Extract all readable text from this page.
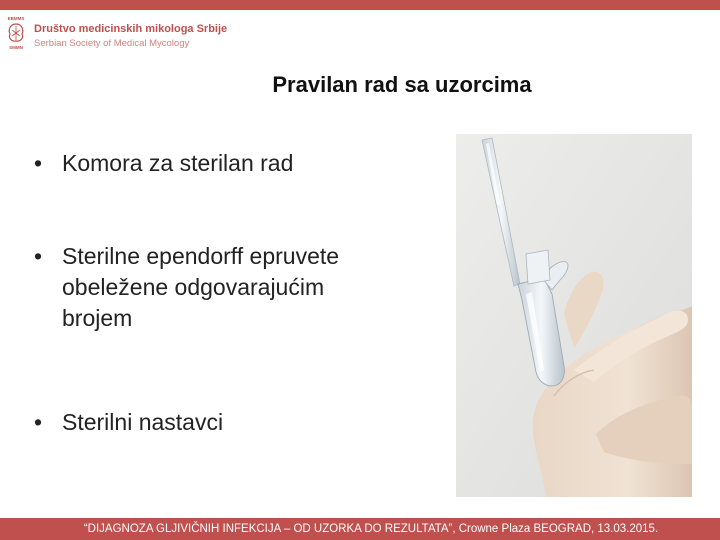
EBMMS
SMMN
Društvo medicinskih mikologa Srbije
Serbian Society of Medical Mycology
Pravilan rad sa uzorcima
• Komora za sterilan rad
• Sterilne ependorff epruvete obeležene odgovarajućim brojem
• Sterilni nastavci
“DIJAGNOZA GLJIVIČNIH INFEKCIJA – OD UZORKA DO REZULTATA”, Crowne Plaza BEOGRAD, 13.03.2015.
